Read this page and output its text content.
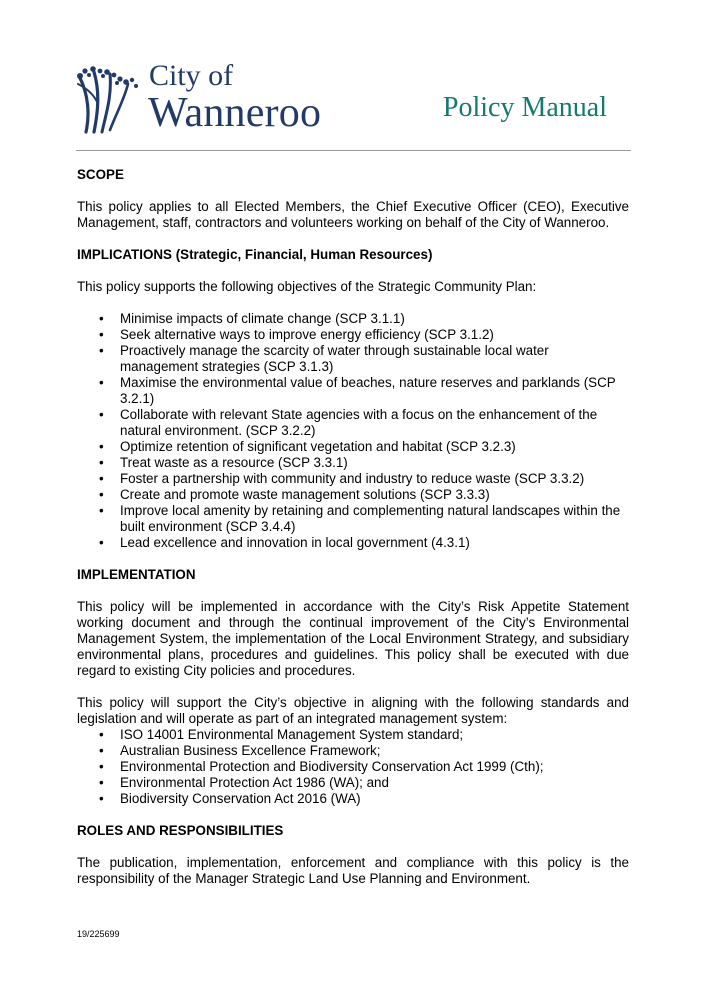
City of
Wanneroo	Policy Manual
SCOPE

This policy applies to all Elected Members, the Chief Executive Officer (CEO), Executive Management, staff, contractors and volunteers working on behalf of the City of Wanneroo.

IMPLICATIONS (Strategic, Financial, Human Resources)

This policy supports the following objectives of the Strategic Community Plan:

• Minimise impacts of climate change (SCP 3.1.1)
• Seek alternative ways to improve energy efficiency (SCP 3.1.2)
• Proactively manage the scarcity of water through sustainable local water management strategies (SCP 3.1.3)
• Maximise the environmental value of beaches, nature reserves and parklands (SCP 3.2.1)
• Collaborate with relevant State agencies with a focus on the enhancement of the natural environment. (SCP 3.2.2)
• Optimize retention of significant vegetation and habitat (SCP 3.2.3)
• Treat waste as a resource (SCP 3.3.1)
• Foster a partnership with community and industry to reduce waste (SCP 3.3.2)
• Create and promote waste management solutions (SCP 3.3.3)
• Improve local amenity by retaining and complementing natural landscapes within the built environment (SCP 3.4.4)
• Lead excellence and innovation in local government (4.3.1)
IMPLEMENTATION

This policy will be implemented in accordance with the City’s Risk Appetite Statement working document and through the continual improvement of the City’s Environmental Management System, the implementation of the Local Environment Strategy, and subsidiary environmental plans, procedures and guidelines. This policy shall be executed with due regard to existing City policies and procedures.

This policy will support the City’s objective in aligning with the following standards and legislation and will operate as part of an integrated management system:

• ISO 14001 Environmental Management System standard;
• Australian Business Excellence Framework;
• Environmental Protection and Biodiversity Conservation Act 1999 (Cth);
• Environmental Protection Act 1986 (WA); and
• Biodiversity Conservation Act 2016 (WA)
ROLES AND RESPONSIBILITIES

The publication, implementation, enforcement and compliance with this policy is the responsibility of the Manager Strategic Land Use Planning and Environment.

19/225699
